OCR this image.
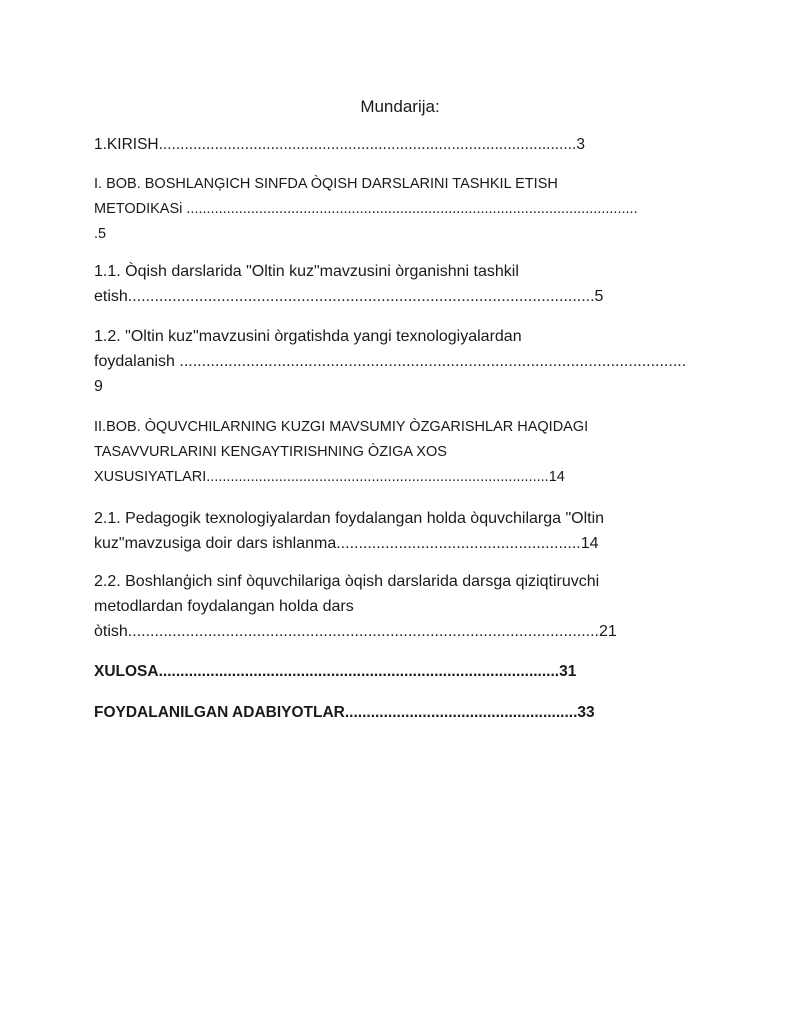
Mundarija:

1.KIRISH.................................................................................................3

I. BOB. BOSHLANĢICH SINFDA ÒQISH DARSLARINI TASHKIL ETISH
METODIKASi ................................................................................................................
.5

1.1. Òqish darslarida "Oltin kuz"mavzusini òrganishni tashkil
etish.........................................................................................................5

1.2. "Oltin kuz"mavzusini òrgatishda yangi texnologiyalardan
foydalanish ..................................................................................................................
9

II.BOB. ÒQUVCHILARNING KUZGI MAVSUMIY ÒZGARISHLAR HAQIDAGI
TASAVVURLARINI KENGAYTIRISHNING ÒZIGA XOS
XUSUSIYATLARI.....................................................................................14

2.1. Pedagogik texnologiyalardan foydalangan holda òquvchilarga "Oltin
kuz"mavzusiga doir dars ishlanma.......................................................14

2.2. Boshlanģich sinf òquvchilariga òqish darslarida darsga qiziqtiruvchi
metodlardan foydalangan holda dars
òtish..........................................................................................................21

XULOSA.............................................................................................31

FOYDALANILGAN ADABIYOTLAR......................................................33
